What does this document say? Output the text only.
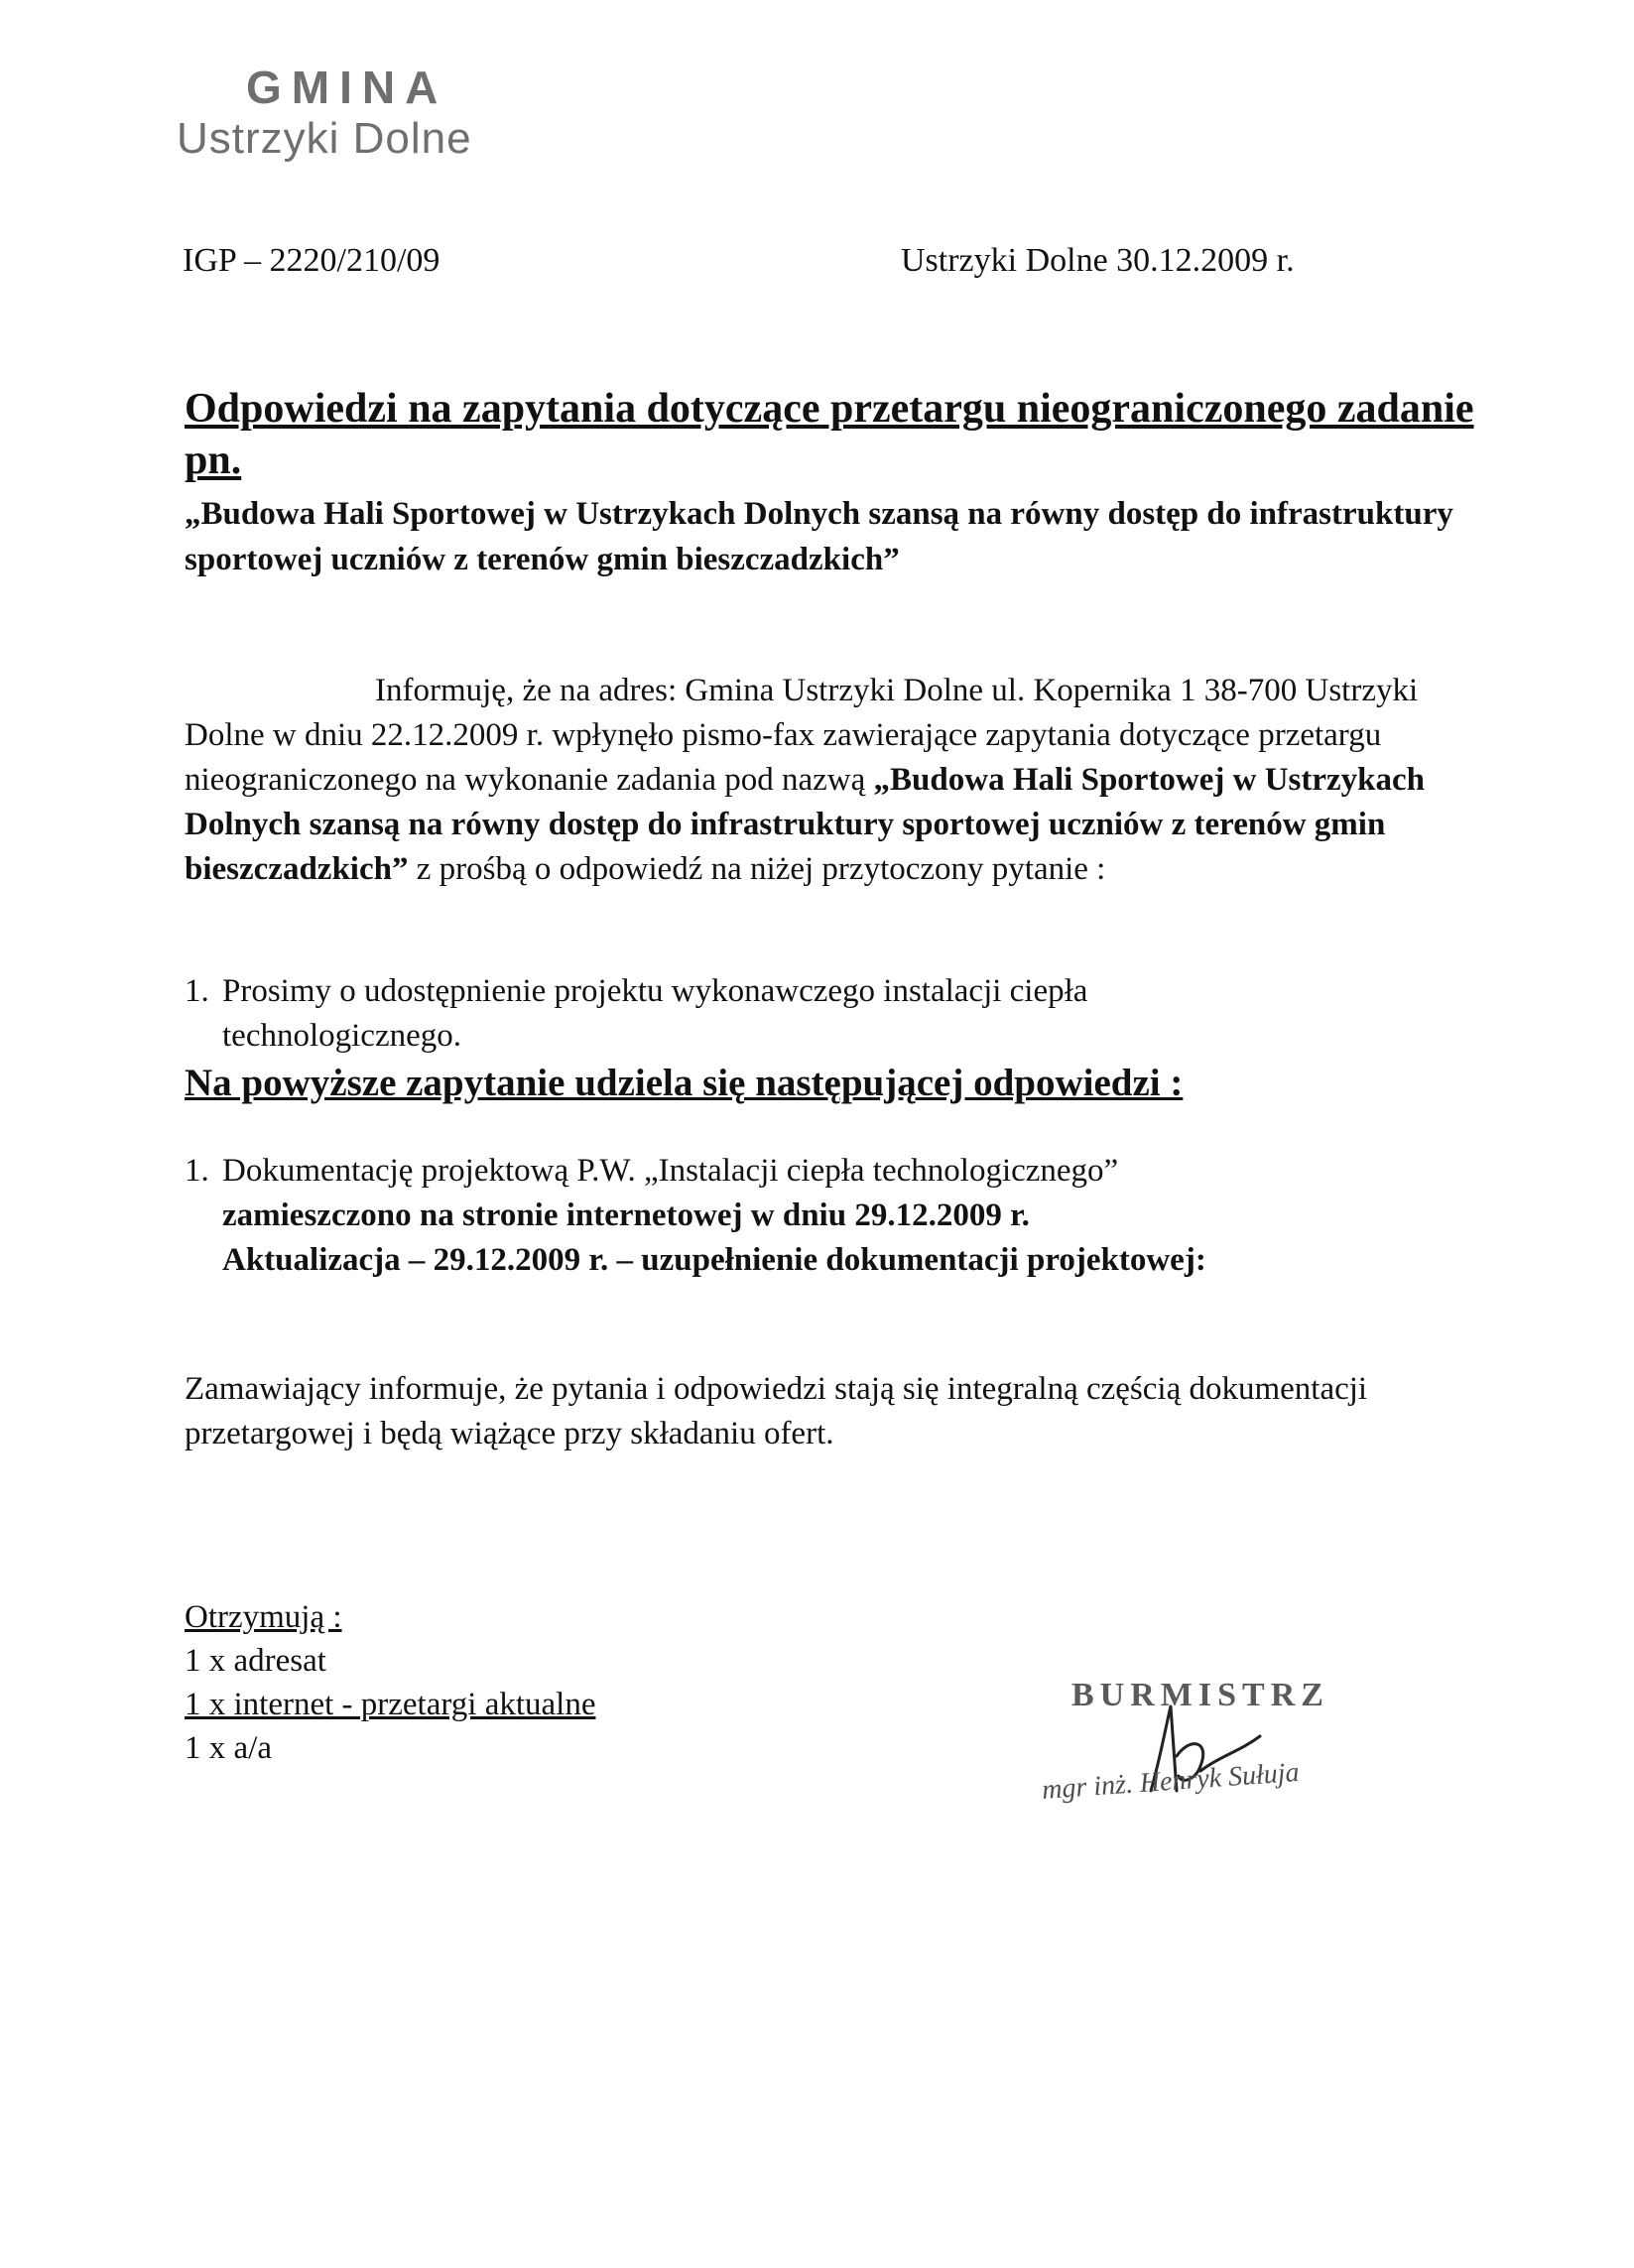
GMINA
Ustrzyki Dolne
IGP – 2220/210/09	Ustrzyki Dolne 30.12.2009 r.
Odpowiedzi na zapytania dotyczące przetargu nieograniczonego zadanie pn.
„Budowa Hali Sportowej w Ustrzykach Dolnych szansą na równy dostęp do infrastruktury sportowej uczniów z terenów gmin bieszczadzkich”
Informuję, że na adres: Gmina Ustrzyki Dolne ul. Kopernika 1 38-700 Ustrzyki Dolne w dniu 22.12.2009 r. wpłynęło pismo-fax zawierające zapytania dotyczące przetargu nieograniczonego na wykonanie zadania pod nazwą „Budowa Hali Sportowej w Ustrzykach Dolnych szansą na równy dostęp do infrastruktury sportowej uczniów z terenów gmin bieszczadzkich” z prośbą o odpowiedź na niżej przytoczony pytanie :
1. Prosimy o udostępnienie projektu wykonawczego instalacji ciepła
technologicznego.
Na powyższe zapytanie udziela się następującej odpowiedzi :
1. Dokumentację projektową P.W. „Instalacji ciepła technologicznego”
zamieszczono na stronie internetowej w dniu 29.12.2009 r.
Aktualizacja – 29.12.2009 r. – uzupełnienie dokumentacji projektowej:
Zamawiający informuje, że pytania i odpowiedzi stają się integralną częścią dokumentacji przetargowej i będą wiążące przy składaniu ofert.
Otrzymują :
1 x adresat
1 x internet - przetargi aktualne
1 x a/a
BURMISTRZ
mgr inż. Henryk Sułuja
